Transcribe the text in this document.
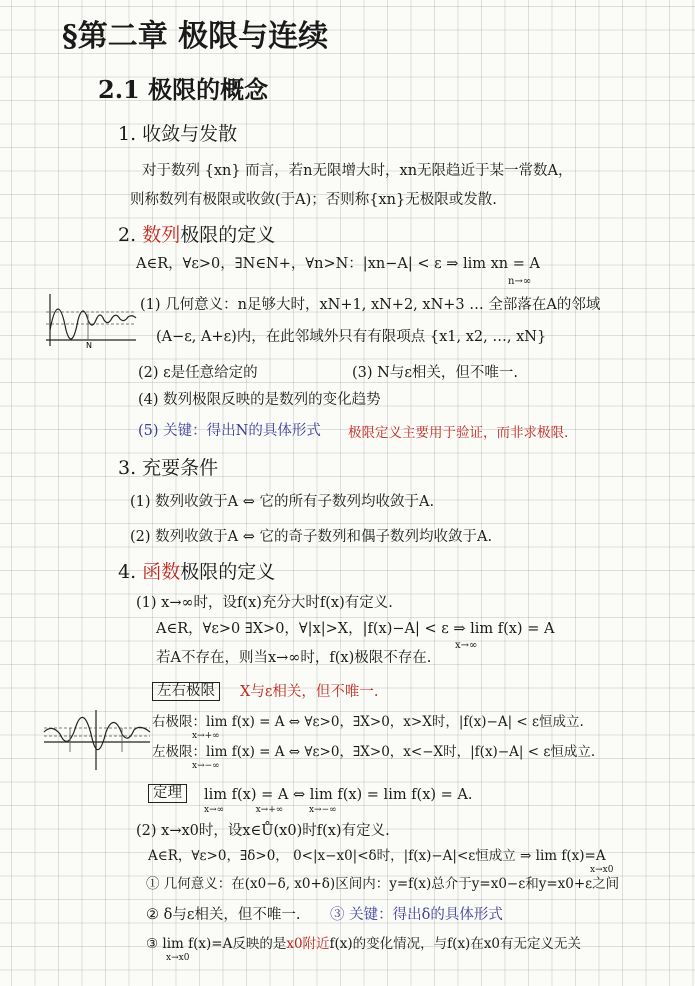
§第二章 极限与连续
2.1 极限的概念
1. 收敛与发散
对于数列 {xn} 而言，若n无限增大时，xn无限趋近于某一常数A，
则称数列有极限或收敛(于A)；否则称{xn}无极限或发散.
2. 数列极限的定义
A∈R，∀ε>0，∃N∈N+，∀n>N：|xn−A| < ε ⇒ lim xn = A
n→∞
N
(1) 几何意义：n足够大时，xN+1, xN+2, xN+3 … 全部落在A的邻域
(A−ε, A+ε)内，在此邻域外只有有限项点 {x1, x2, …, xN}
(2) ε是任意给定的	(3) N与ε相关，但不唯一.
(4) 数列极限反映的是数列的变化趋势
(5) 关键：得出N的具体形式 极限定义主要用于验证，而非求极限.
3. 充要条件
(1) 数列收敛于A ⇔ 它的所有子数列均收敛于A.
(2) 数列收敛于A ⇔ 它的奇子数列和偶子数列均收敛于A.
4. 函数极限的定义
(1) x→∞时，设f(x)充分大时f(x)有定义.
A∈R，∀ε>0 ∃X>0，∀|x|>X，|f(x)−A| < ε ⇒ lim f(x) = A
x→∞
若A不存在，则当x→∞时，f(x)极限不存在.
左右极限	X与ε相关，但不唯一.
右极限：lim f(x) = A ⇔ ∀ε>0，∃X>0，x>X时，|f(x)−A| < ε恒成立.
x→+∞
左极限：lim f(x) = A ⇔ ∀ε>0，∃X>0，x<−X时，|f(x)−A| < ε恒成立.
x→−∞
定理	lim f(x) = A ⇔ lim f(x) = lim f(x) = A.
x→∞           x→+∞         x→−∞
(2) x→x0时，设x∈Ů(x0)时f(x)有定义.
A∈R，∀ε>0，∃δ>0， 0<|x−x0|<δ时，|f(x)−A|<ε恒成立 ⇒ lim f(x)=A
x→x0
① 几何意义：在(x0−δ, x0+δ)区间内：y=f(x)总介于y=x0−ε和y=x0+ε之间
② δ与ε相关，但不唯一. ③ 关键：得出δ的具体形式
③ lim f(x)=A反映的是x0附近f(x)的变化情况，与f(x)在x0有无定义无关
x→x0
